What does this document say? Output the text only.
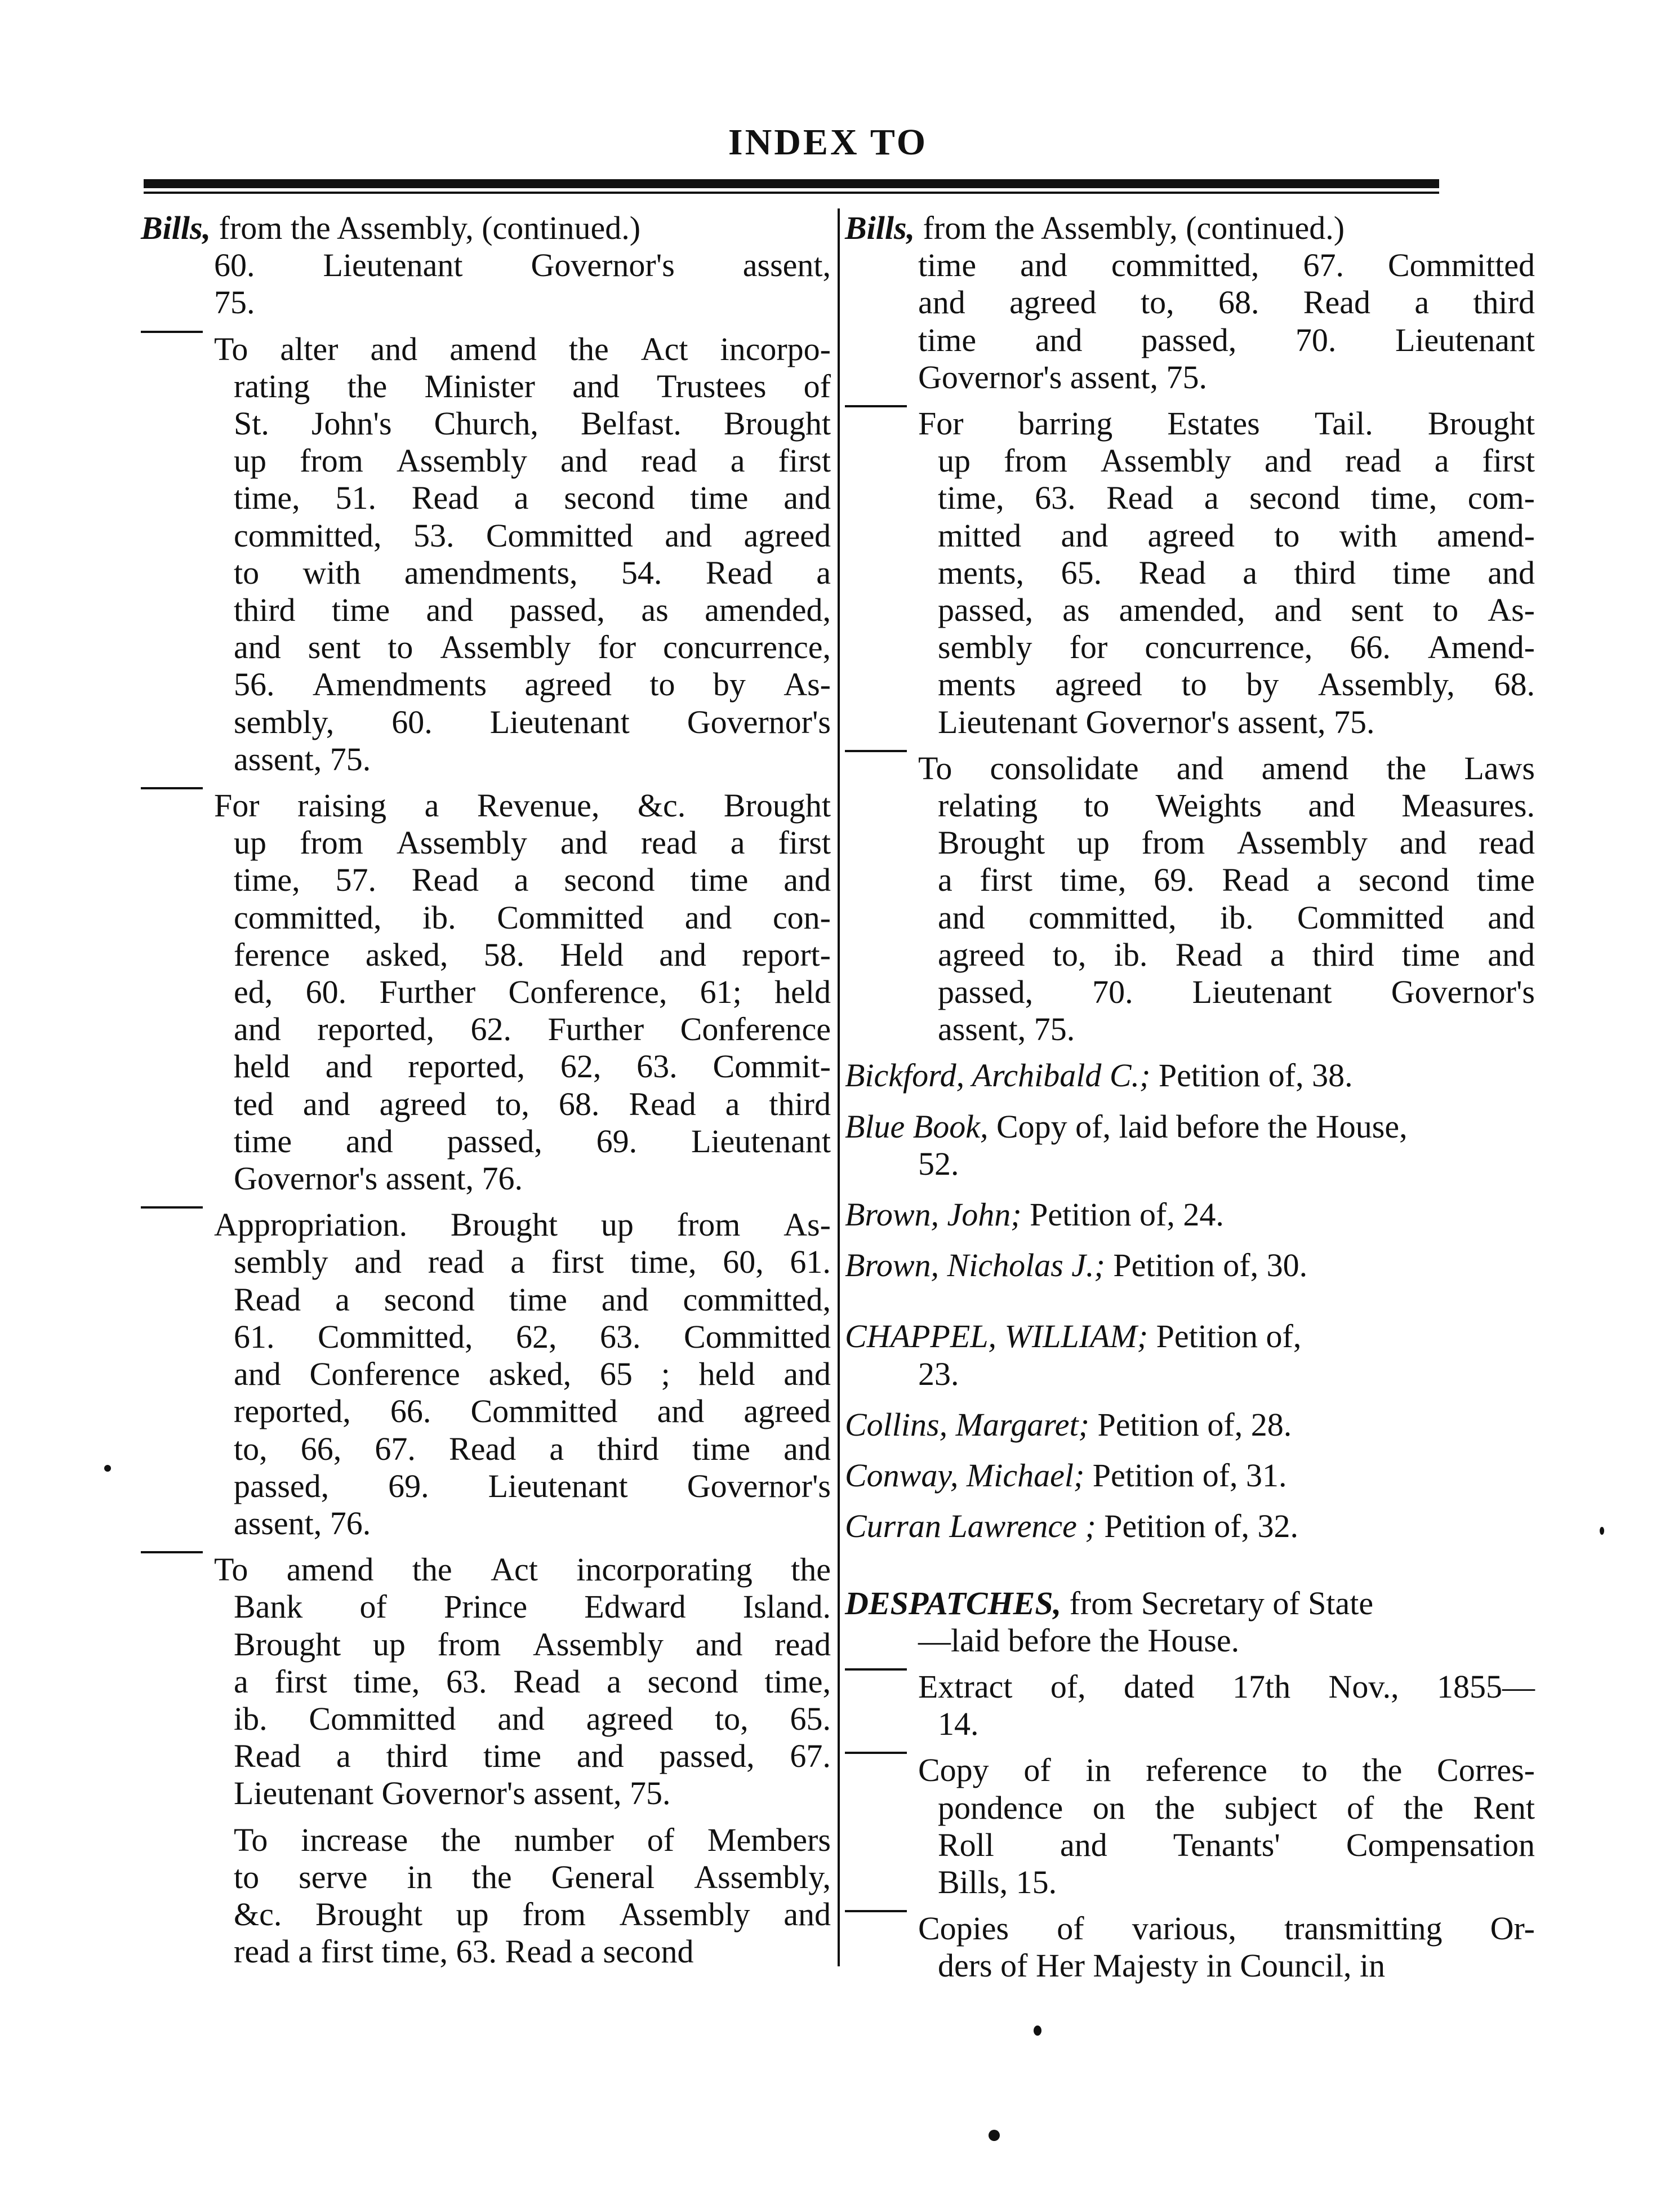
INDEX TO
Bills, from the Assembly, (continued.)
60. Lieutenant Governor's assent,
75.
To alter and amend the Act incorpo-
rating the Minister and Trustees of
St. John's Church, Belfast. Brought
up from Assembly and read a first
time, 51. Read a second time and
committed, 53. Committed and agreed
to with amendments, 54. Read a
third time and passed, as amended,
and sent to Assembly for concurrence,
56. Amendments agreed to by As-
sembly, 60. Lieutenant Governor's
assent, 75.
For raising a Revenue, &c. Brought
up from Assembly and read a first
time, 57. Read a second time and
committed, ib. Committed and con-
ference asked, 58. Held and report-
ed, 60. Further Conference, 61; held
and reported, 62. Further Conference
held and reported, 62, 63. Commit-
ted and agreed to, 68. Read a third
time and passed, 69. Lieutenant
Governor's assent, 76.
Appropriation. Brought up from As-
sembly and read a first time, 60, 61.
Read a second time and committed,
61. Committed, 62, 63. Committed
and Conference asked, 65 ; held and
reported, 66. Committed and agreed
to, 66, 67. Read a third time and
passed, 69. Lieutenant Governor's
assent, 76.
To amend the Act incorporating the
Bank of Prince Edward Island.
Brought up from Assembly and read
a first time, 63. Read a second time,
ib. Committed and agreed to, 65.
Read a third time and passed, 67.
Lieutenant Governor's assent, 75.
To increase the number of Members
to serve in the General Assembly,
&c. Brought up from Assembly and
read a first time, 63. Read a second
Bills, from the Assembly, (continued.)
time and committed, 67. Committed
and agreed to, 68. Read a third
time and passed, 70. Lieutenant
Governor's assent, 75.
For barring Estates Tail. Brought
up from Assembly and read a first
time, 63. Read a second time, com-
mitted and agreed to with amend-
ments, 65. Read a third time and
passed, as amended, and sent to As-
sembly for concurrence, 66. Amend-
ments agreed to by Assembly, 68.
Lieutenant Governor's assent, 75.
To consolidate and amend the Laws
relating to Weights and Measures.
Brought up from Assembly and read
a first time, 69. Read a second time
and committed, ib. Committed and
agreed to, ib. Read a third time and
passed, 70. Lieutenant Governor's
assent, 75.
Bickford, Archibald C.; Petition of, 38.
Blue Book, Copy of, laid before the House,
52.
Brown, John; Petition of, 24.
Brown, Nicholas J.; Petition of, 30.
CHAPPEL, WILLIAM; Petition of,
23.
Collins, Margaret; Petition of, 28.
Conway, Michael; Petition of, 31.
Curran Lawrence ; Petition of, 32.
DESPATCHES, from Secretary of State
—laid before the House.
Extract of, dated 17th Nov., 1855—
14.
Copy of in reference to the Corres-
pondence on the subject of the Rent
Roll and Tenants' Compensation
Bills, 15.
Copies of various, transmitting Or-
ders of Her Majesty in Council, in
